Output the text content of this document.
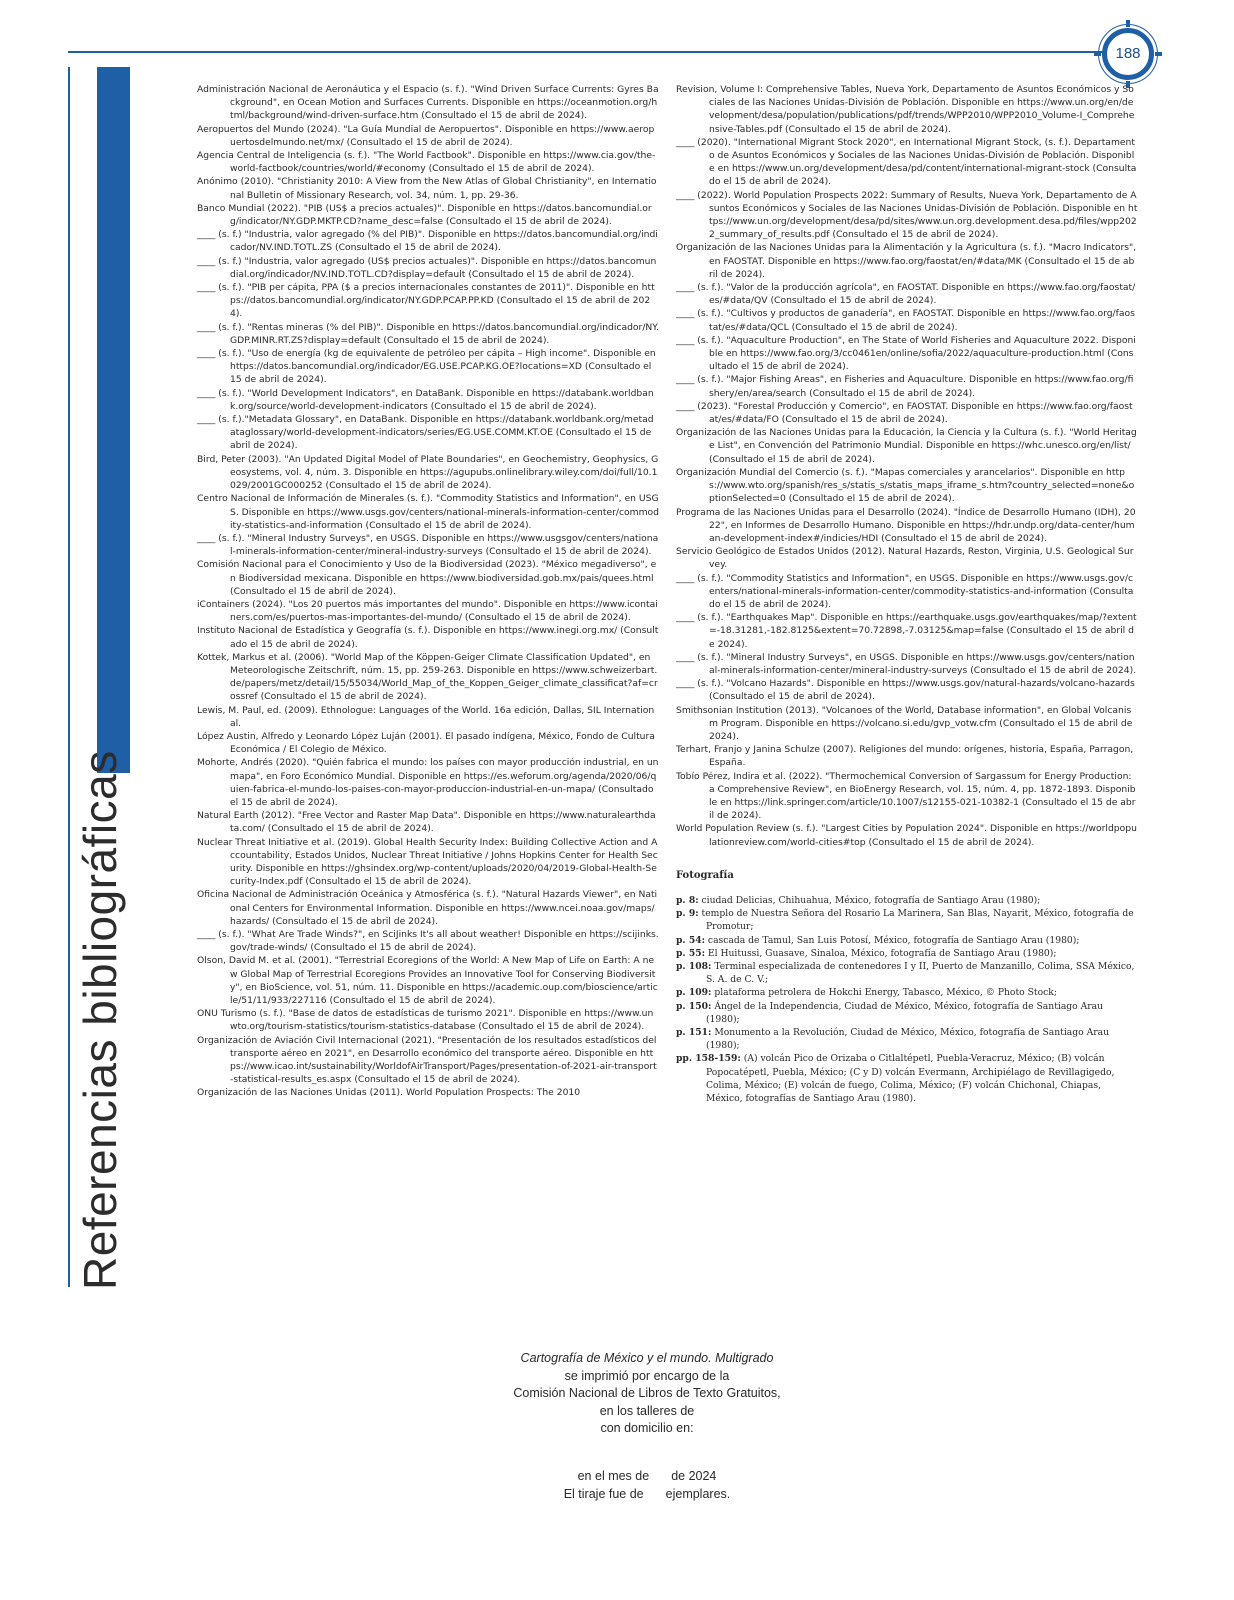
188
Referencias bibliográficas

Administración Nacional de Aeronáutica y el Espacio (s. f.). "Wind Driven Surface Currents: Gyres Background", en Ocean Motion and Surfaces Currents. Disponible en https://oceanmotion.org/html/background/wind-driven-surface.htm (Consultado el 15 de abril de 2024).

Aeropuertos del Mundo (2024). "La Guía Mundial de Aeropuertos". Disponible en https://www.aeropuertosdelmundo.net/mx/ (Consultado el 15 de abril de 2024).

Agencia Central de Inteligencia (s. f.). "The World Factbook". Disponible en https://www.cia.gov/the-world-factbook/countries/world/#economy (Consultado el 15 de abril de 2024).

Anónimo (2010). "Christianity 2010: A View from the New Atlas of Global Christianity", en International Bulletin of Missionary Research, vol. 34, núm. 1, pp. 29-36.

Banco Mundial (2022). "PIB (US$ a precios actuales)". Disponible en https://datos.bancomundial.org/indicator/NY.GDP.MKTP.CD?name_desc=false (Consultado el 15 de abril de 2024).

____ (s. f.) "Industria, valor agregado (% del PIB)". Disponible en https://datos.bancomundial.org/indicador/NV.IND.TOTL.ZS (Consultado el 15 de abril de 2024).

____ (s. f.) "Industria, valor agregado (US$ precios actuales)". Disponible en https://datos.bancomundial.org/indicador/NV.IND.TOTL.CD?display=default (Consultado el 15 de abril de 2024).

____ (s. f.). "PIB per cápita, PPA ($ a precios internacionales constantes de 2011)". Disponible en https://datos.bancomundial.org/indicator/NY.GDP.PCAP.PP.KD (Consultado el 15 de abril de 2024).

____ (s. f.). "Rentas mineras (% del PIB)". Disponible en https://datos.bancomundial.org/indicador/NY.GDP.MINR.RT.ZS?display=default (Consultado el 15 de abril de 2024).

____ (s. f.). "Uso de energía (kg de equivalente de petróleo per cápita – High income". Disponible en https://datos.bancomundial.org/indicador/EG.USE.PCAP.KG.OE?locations=XD (Consultado el 15 de abril de 2024).

____ (s. f.). "World Development Indicators", en DataBank. Disponible en https://databank.worldbank.org/source/world-development-indicators (Consultado el 15 de abril de 2024).

____ (s. f.)."Metadata Glossary", en DataBank. Disponible en https://databank.worldbank.org/metadataglossary/world-development-indicators/series/EG.USE.COMM.KT.OE (Consultado el 15 de abril de 2024).

Bird, Peter (2003). "An Updated Digital Model of Plate Boundaries", en Geochemistry, Geophysics, Geosystems, vol. 4, núm. 3. Disponible en https://agupubs.onlinelibrary.wiley.com/doi/full/10.1029/2001GC000252 (Consultado el 15 de abril de 2024).

Centro Nacional de Información de Minerales (s. f.). "Commodity Statistics and Information", en USGS. Disponible en https://www.usgs.gov/centers/national-minerals-information-center/commodity-statistics-and-information (Consultado el 15 de abril de 2024).

____ (s. f.). "Mineral Industry Surveys", en USGS. Disponible en https://www.usgsgov/centers/national-minerals-information-center/mineral-industry-surveys (Consultado el 15 de abril de 2024).

Comisión Nacional para el Conocimiento y Uso de la Biodiversidad (2023). "México megadiverso", en Biodiversidad mexicana. Disponible en https://www.biodiversidad.gob.mx/pais/quees.html (Consultado el 15 de abril de 2024).

iContainers (2024). "Los 20 puertos más importantes del mundo". Disponible en https://www.icontainers.com/es/puertos-mas-importantes-del-mundo/ (Consultado el 15 de abril de 2024).

Instituto Nacional de Estadística y Geografía (s. f.). Disponible en https://www.inegi.org.mx/ (Consultado el 15 de abril de 2024).

Kottek, Markus et al. (2006). "World Map of the Köppen-Geiger Climate Classification Updated", en Meteorologische Zeitschrift, núm. 15, pp. 259-263. Disponible en https://www.schweizerbart.de/papers/metz/detail/15/55034/World_Map_of_the_Koppen_Geiger_climate_classificat?af=crossref (Consultado el 15 de abril de 2024).

Lewis, M. Paul, ed. (2009). Ethnologue: Languages of the World. 16a edición, Dallas, SIL International.

López Austin, Alfredo y Leonardo López Luján (2001). El pasado indígena, México, Fondo de Cultura Económica / El Colegio de México.

Mohorte, Andrés (2020). "Quién fabrica el mundo: los países con mayor producción industrial, en un mapa", en Foro Económico Mundial. Disponible en https://es.weforum.org/agenda/2020/06/quien-fabrica-el-mundo-los-paises-con-mayor-produccion-industrial-en-un-mapa/ (Consultado el 15 de abril de 2024).

Natural Earth (2012). "Free Vector and Raster Map Data". Disponible en https://www.naturalearthdata.com/ (Consultado el 15 de abril de 2024).

Nuclear Threat Initiative et al. (2019). Global Health Security Index: Building Collective Action and Accountability, Estados Unidos, Nuclear Threat Initiative / Johns Hopkins Center for Health Security. Disponible en https://ghsindex.org/wp-content/uploads/2020/04/2019-Global-Health-Security-Index.pdf (Consultado el 15 de abril de 2024).

Oficina Nacional de Administración Oceánica y Atmosférica (s. f.). "Natural Hazards Viewer", en National Centers for Environmental Information. Disponible en https://www.ncei.noaa.gov/maps/hazards/ (Consultado el 15 de abril de 2024).

____ (s. f.). "What Are Trade Winds?", en SciJinks It's all about weather! Disponible en https://scijinks.gov/trade-winds/ (Consultado el 15 de abril de 2024).

Olson, David M. et al. (2001). "Terrestrial Ecoregions of the World: A New Map of Life on Earth: A new Global Map of Terrestrial Ecoregions Provides an Innovative Tool for Conserving Biodiversity", en BioScience, vol. 51, núm. 11. Disponible en https://academic.oup.com/bioscience/article/51/11/933/227116 (Consultado el 15 de abril de 2024).

ONU Turismo (s. f.). "Base de datos de estadísticas de turismo 2021". Disponible en https://www.unwto.org/tourism-statistics/tourism-statistics-database (Consultado el 15 de abril de 2024).

Organización de Aviación Civil Internacional (2021). "Presentación de los resultados estadísticos del transporte aéreo en 2021", en Desarrollo económico del transporte aéreo. Disponible en https://www.icao.int/sustainability/WorldofAirTransport/Pages/presentation-of-2021-air-transport-statistical-results_es.aspx (Consultado el 15 de abril de 2024).

Organización de las Naciones Unidas (2011). World Population Prospects: The 2010

Revision, Volume I: Comprehensive Tables, Nueva York, Departamento de Asuntos Económicos y Sociales de las Naciones Unidas-División de Población. Disponible en https://www.un.org/en/development/desa/population/publications/pdf/trends/WPP2010/WPP2010_Volume-I_Comprehensive-Tables.pdf (Consultado el 15 de abril de 2024).

____ (2020). "International Migrant Stock 2020", en International Migrant Stock, (s. f.). Departamento de Asuntos Económicos y Sociales de las Naciones Unidas-División de Población. Disponible en https://www.un.org/development/desa/pd/content/international-migrant-stock (Consultado el 15 de abril de 2024).

____ (2022). World Population Prospects 2022: Summary of Results, Nueva York, Departamento de Asuntos Económicos y Sociales de las Naciones Unidas-División de Población. Disponible en https://www.un.org/development/desa/pd/sites/www.un.org.development.desa.pd/files/wpp2022_summary_of_results.pdf (Consultado el 15 de abril de 2024).

Organización de las Naciones Unidas para la Alimentación y la Agricultura (s. f.). "Macro Indicators", en FAOSTAT. Disponible en https://www.fao.org/faostat/en/#data/MK (Consultado el 15 de abril de 2024).

____ (s. f.). "Valor de la producción agrícola", en FAOSTAT. Disponible en https://www.fao.org/faostat/es/#data/QV (Consultado el 15 de abril de 2024).

____ (s. f.). "Cultivos y productos de ganadería", en FAOSTAT. Disponible en https://www.fao.org/faostat/es/#data/QCL (Consultado el 15 de abril de 2024).

____ (s. f.). "Aquaculture Production", en The State of World Fisheries and Aquaculture 2022. Disponible en https://www.fao.org/3/cc0461en/online/sofia/2022/aquaculture-production.html (Consultado el 15 de abril de 2024).

____ (s. f.). "Major Fishing Areas", en Fisheries and Aquaculture. Disponible en https://www.fao.org/fishery/en/area/search (Consultado el 15 de abril de 2024).

____ (2023). "Forestal Producción y Comercio", en FAOSTAT. Disponible en https://www.fao.org/faostat/es/#data/FO (Consultado el 15 de abril de 2024).

Organización de las Naciones Unidas para la Educación, la Ciencia y la Cultura (s. f.). "World Heritage List", en Convención del Patrimonio Mundial. Disponible en https://whc.unesco.org/en/list/ (Consultado el 15 de abril de 2024).

Organización Mundial del Comercio (s. f.). "Mapas comerciales y arancelarios". Disponible en https://www.wto.org/spanish/res_s/statis_s/statis_maps_iframe_s.htm?country_selected=none&optionSelected=0 (Consultado el 15 de abril de 2024).

Programa de las Naciones Unidas para el Desarrollo (2024). "Índice de Desarrollo Humano (IDH), 2022", en Informes de Desarrollo Humano. Disponible en https://hdr.undp.org/data-center/human-development-index#/indicies/HDI (Consultado el 15 de abril de 2024).

Servicio Geológico de Estados Unidos (2012). Natural Hazards, Reston, Virginia, U.S. Geological Survey.

____ (s. f.). "Commodity Statistics and Information", en USGS. Disponible en https://www.usgs.gov/centers/national-minerals-information-center/commodity-statistics-and-information (Consultado el 15 de abril de 2024).

____ (s. f.). "Earthquakes Map". Disponible en https://earthquake.usgs.gov/earthquakes/map/?extent=-18.31281,-182.8125&extent=70.72898,-7.03125&map=false (Consultado el 15 de abril de 2024).

____ (s. f.). "Mineral Industry Surveys", en USGS. Disponible en https://www.usgs.gov/centers/national-minerals-information-center/mineral-industry-surveys (Consultado el 15 de abril de 2024).

____ (s. f.). "Volcano Hazards". Disponible en https://www.usgs.gov/natural-hazards/volcano-hazards (Consultado el 15 de abril de 2024).

Smithsonian Institution (2013). "Volcanoes of the World, Database information", en Global Volcanism Program. Disponible en https://volcano.si.edu/gvp_votw.cfm (Consultado el 15 de abril de 2024).

Terhart, Franjo y Janina Schulze (2007). Religiones del mundo: orígenes, historia, España, Parragon, España.

Tobío Pérez, Indira et al. (2022). "Thermochemical Conversion of Sargassum for Energy Production: a Comprehensive Review", en BioEnergy Research, vol. 15, núm. 4, pp. 1872-1893. Disponible en https://link.springer.com/article/10.1007/s12155-021-10382-1 (Consultado el 15 de abril de 2024).

World Population Review (s. f.). "Largest Cities by Population 2024". Disponible en https://worldpopulationreview.com/world-cities#top (Consultado el 15 de abril de 2024).

Fotografía

p. 8: ciudad Delicias, Chihuahua, México, fotografía de Santiago Arau (1980);

p. 9: templo de Nuestra Señora del Rosario La Marinera, San Blas, Nayarit, México, fotografía de Promotur;

p. 54: cascada de Tamul, San Luis Potosí, México, fotografía de Santiago Arau (1980);

p. 55: El Huitussi, Guasave, Sinaloa, México, fotografía de Santiago Arau (1980);

p. 108: Terminal especializada de contenedores I y II, Puerto de Manzanillo, Colima, SSA México, S. A. de C. V.;

p. 109: plataforma petrolera de Hokchi Energy, Tabasco, México, © Photo Stock;

p. 150: Ángel de la Independencia, Ciudad de México, México, fotografía de Santiago Arau (1980);

p. 151: Monumento a la Revolución, Ciudad de México, México, fotografía de Santiago Arau (1980);

pp. 158-159: (A) volcán Pico de Orizaba o Citlaltépetl, Puebla-Veracruz, México; (B) volcán Popocatépetl, Puebla, México; (C y D) volcán Evermann, Archipiélago de Revillagigedo, Colima, México; (E) volcán de fuego, Colima, México; (F) volcán Chichonal, Chiapas, México, fotografías de Santiago Arau (1980).

Cartografía de México y el mundo. Multigrado
se imprimió por encargo de la
Comisión Nacional de Libros de Texto Gratuitos,
en los talleres de
con domicilio en:
en el mes de de 2024
El tiraje fue de ejemplares.
